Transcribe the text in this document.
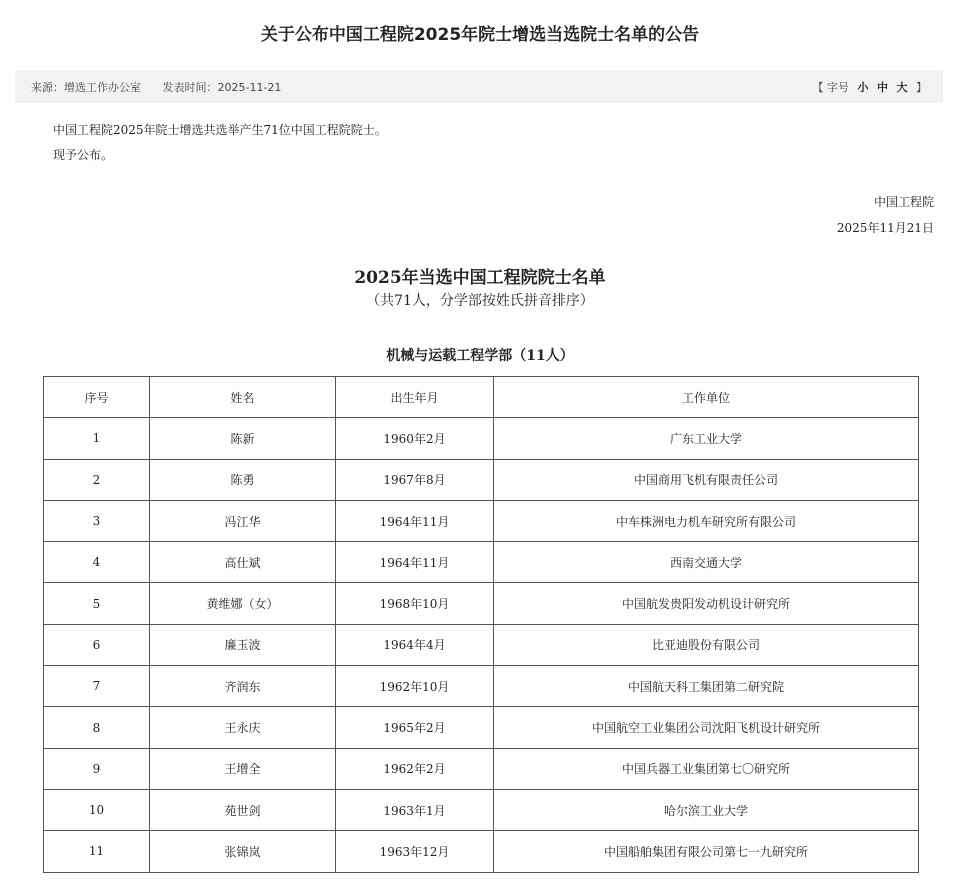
关于公布中国工程院2025年院士增选当选院士名单的公告
来源：增选工作办公室 发表时间：2025-11-21	【 字号 小 中 大 】
中国工程院2025年院士增选共选举产生71位中国工程院院士。
现予公布。
中国工程院
2025年11月21日
2025年当选中国工程院院士名单
（共71人，分学部按姓氏拼音排序）
机械与运载工程学部（11人）
序号	姓名	出生年月	工作单位
1	陈新	1960年2月	广东工业大学
2	陈勇	1967年8月	中国商用飞机有限责任公司
3	冯江华	1964年11月	中车株洲电力机车研究所有限公司
4	高仕斌	1964年11月	西南交通大学
5	黄维娜（女）	1968年10月	中国航发贵阳发动机设计研究所
6	廉玉波	1964年4月	比亚迪股份有限公司
7	齐润东	1962年10月	中国航天科工集团第二研究院
8	王永庆	1965年2月	中国航空工业集团公司沈阳飞机设计研究所
9	王增全	1962年2月	中国兵器工业集团第七〇研究所
10	苑世剑	1963年1月	哈尔滨工业大学
11	张锦岚	1963年12月	中国船舶集团有限公司第七一九研究所
